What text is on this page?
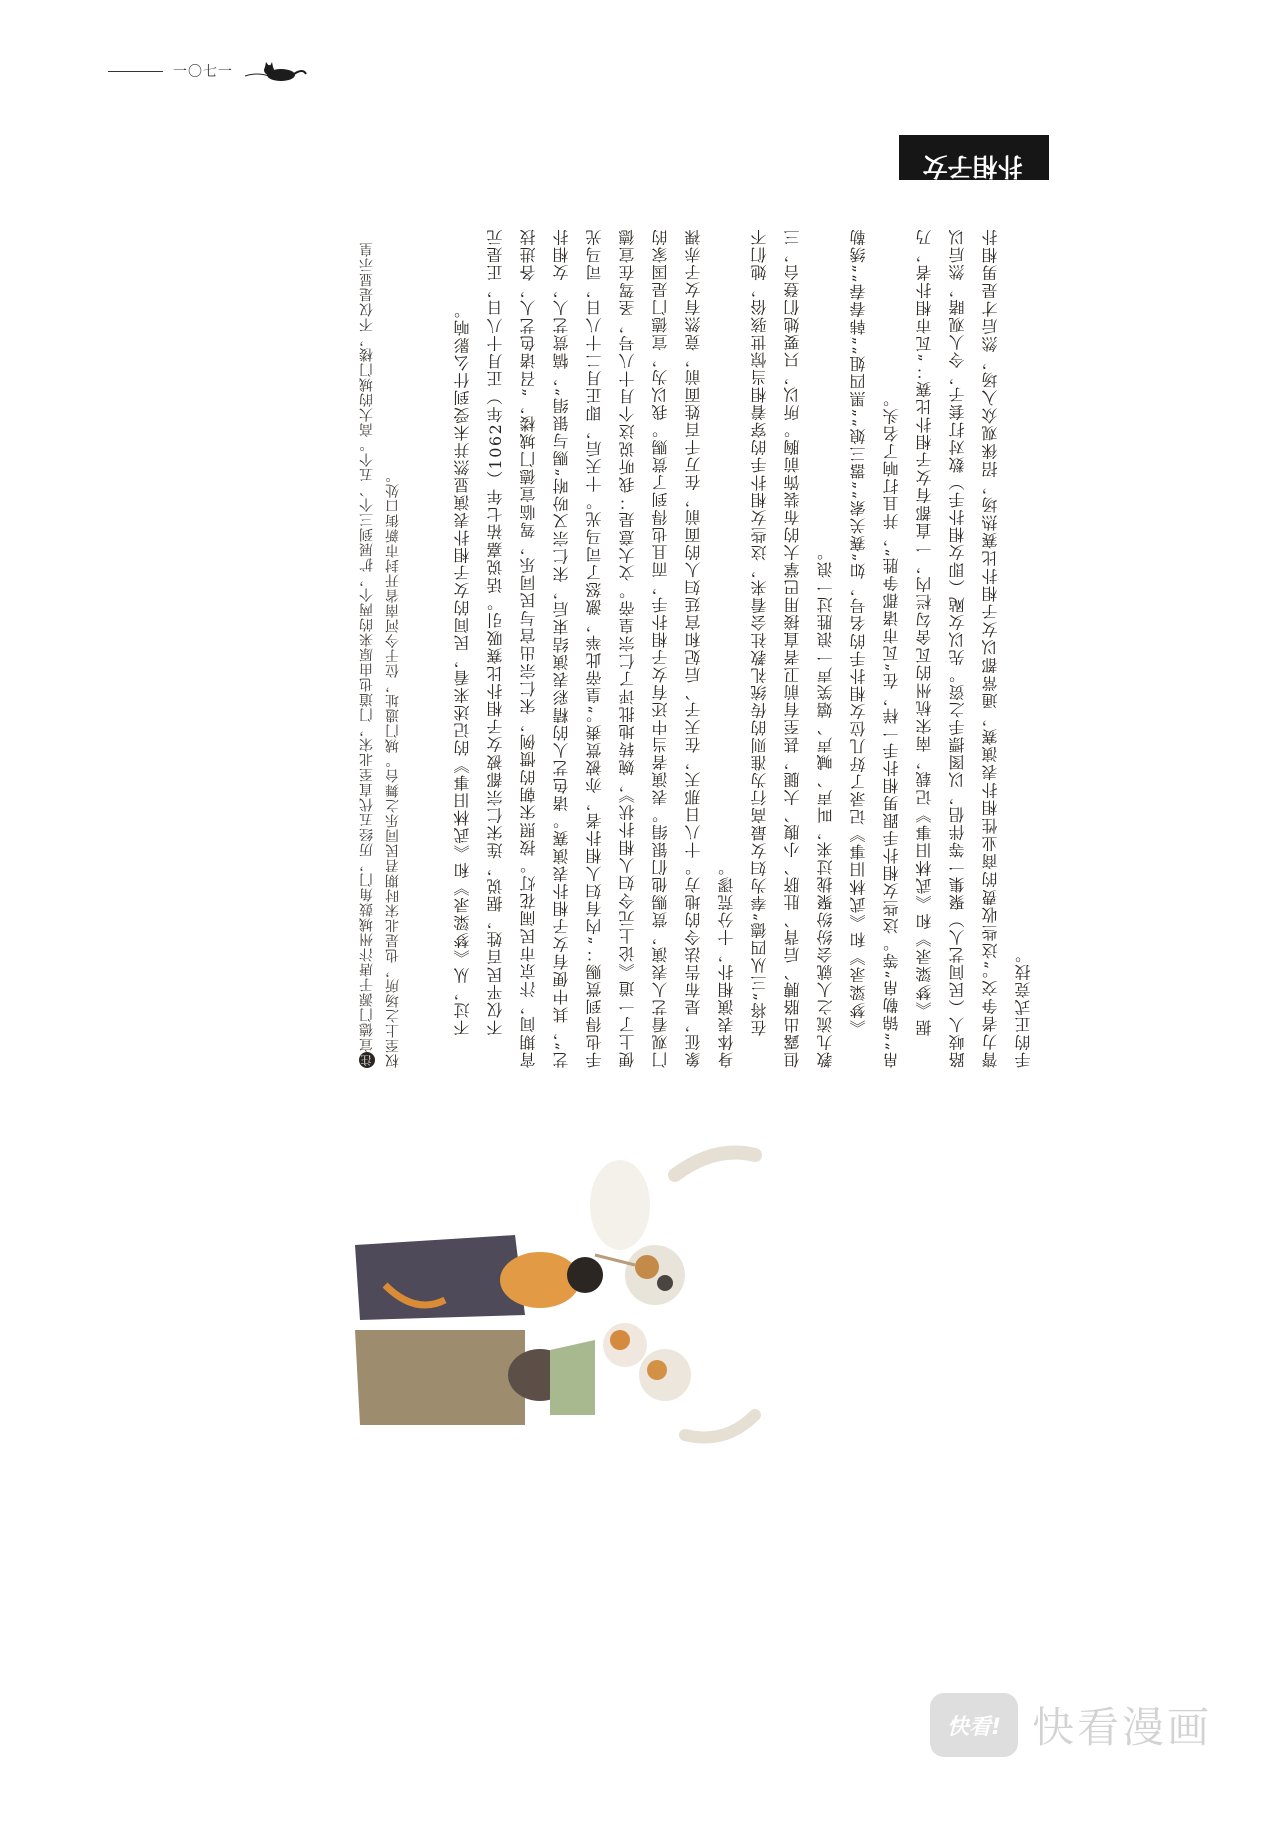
一〇七一
女子相扑

据《梦粱录》和《武林旧事》记载，南宋杭州的瓦舍勾栏内，一直都有女子相扑比赛：“瓦市相扑者，乃路岐人（民间艺人）聚集一等伴侣，以图摽手之资。先以女飐（即女相扑手）数对打套子，令人观睹，然后以膂力者争交。”这些收费的商业性相扑表演赛，通常都以女子相扑比赛热场，招徕观众入场，然后才是男相扑手的正式竞技。

《梦粱录》和《武林旧事》记录了好几位女相扑手的名号，如“赛关索”“嚣三娘”“黑四姐”“韩春春”“绣勒帛”“锦勒帛”等。这些女相扑手跟男相扑手一样，在“瓦市诸郡争胜”，并且打响了名头。

在将“三从四德”奉为妇女最高行为准则的传统礼教社会看来，这些女相扑手的穿着相当惊世骇俗，她们不但露出胳膊、后背、肚脐、小腹、大腿，甚至有前卫者直接用巴掌大的布装饰前胸。所以，只要她们登台，三教九流之人就会纷纷聚拢过来，叫声、喊声、嬉笑声一浪胜过一浪。

不仅平民百姓，据说，连宋仁宗都被女子相扑比赛吸引。话说嘉祐七年（1062年）正月十八日，正是元宵期间，汴京市民闹花灯。按照宋朝的惯例，宋仁宗出宫与民同乐，驾临宣德门城楼，“召诸色艺人，各进技艺”，其中便有女子相扑表演赛。诸色艺人的精彩表演结束后，宋仁宗又吩咐“赐与银绢”，犒赏艺人，女相扑手也得到赏赐：“内有妇人相扑者，亦被赏赉。”皇帝此举，激怒了司马光。十天后，即正月二十八日，司马光便上了一道《论上元令妇人相扑状》，婉转地批评了仁宗皇帝。文大意是：我听说这个月十八号，圣驾在宣德门观看艺人表演，赏赐他们银绢。表演者当中还有女子相扑手，而且也得到了赏赐。我以为，宣德门是国家的象征，是布告法令的地方。十八日那天，在天子、后妃和宫廷妇人的面前，在万千百姓面前，竟然有女子赤裸身体表演相扑，十分荒谬。

不过，从《梦粱录》和《武林旧事》的记述来看，民间的女子相扑表演显然并未受到什么影响。

注宣德门源于唐汴州城鼓角门，历经五代直至北宋，门道也由原来的两个，扩展到三个、五个。高大的城门楼，不仅是显示皇权至上之场所，也是北宋时期君民同乐之舞台。城门遗址，位于今河南省开封市新街口处。
快看! 快看漫画
